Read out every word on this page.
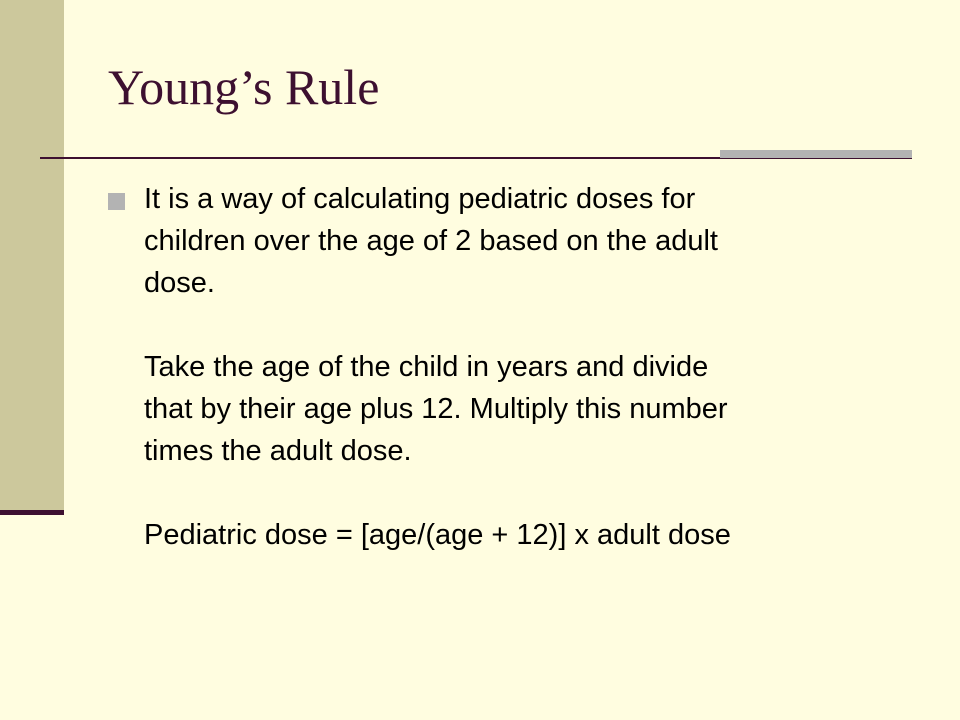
Young’s Rule

It is a way of calculating pediatric doses for
children over the age of 2 based on the adult
dose.
Take the age of the child in years and divide
that by their age plus 12. Multiply this number
times the adult dose.
Pediatric dose = [age/(age + 12)] x adult dose
